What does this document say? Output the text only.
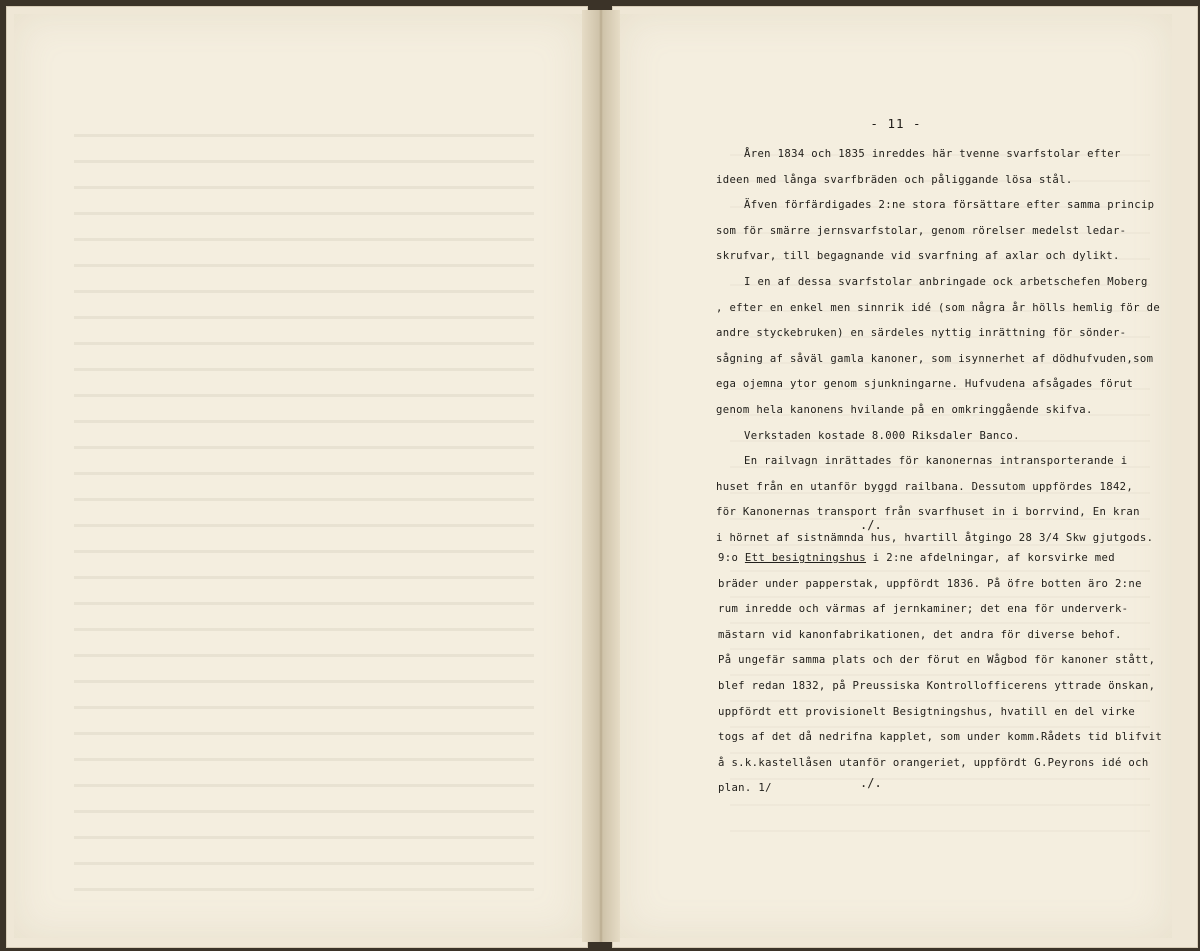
- 11 -
Åren 1834 och 1835 inreddes här tvenne svarfstolar efter
ideen med långa svarfbräden och påliggande lösa stål.
Äfven förfärdigades 2:ne stora försättare efter samma princip
som för smärre jernsvarfstolar, genom rörelser medelst ledar-
skrufvar, till begagnande vid svarfning af axlar och dylikt.
I en af dessa svarfstolar anbringade ock arbetschefen Moberg
, efter en enkel men sinnrik idé (som några år hölls hemlig för de
andre styckebruken) en särdeles nyttig inrättning för sönder-
sågning af såväl gamla kanoner, som isynnerhet af dödhufvuden,som
ega ojemna ytor genom sjunkningarne. Hufvudena afsågades förut
genom hela kanonens hvilande på en omkringgående skifva.
Verkstaden kostade 8.000 Riksdaler Banco.
En railvagn inrättades för kanonernas intransporterande i
huset från en utanför byggd railbana. Dessutom uppfördes 1842,
för Kanonernas transport från svarfhuset in i borrvind, En kran
i hörnet af sistnämnda hus, hvartill åtgingo 28 3/4 Skw gjutgods.
./.
9:o Ett besigtningshus i 2:ne afdelningar, af korsvirke med
bräder under papperstak, uppfördt 1836. På öfre botten äro 2:ne
rum inredde och värmas af jernkaminer; det ena för underverk-
mästarn vid kanonfabrikationen, det andra för diverse behof.
På ungefär samma plats och der förut en Wågbod för kanoner stått,
blef redan 1832, på Preussiska Kontrollofficerens yttrade önskan,
uppfördt ett provisionelt Besigtningshus, hvatill en del virke
togs af det då nedrifna kapplet, som under komm.Rådets tid blifvit
å s.k.kastellåsen utanför orangeriet, uppfördt G.Peyrons idé och
plan. 1/	./.
